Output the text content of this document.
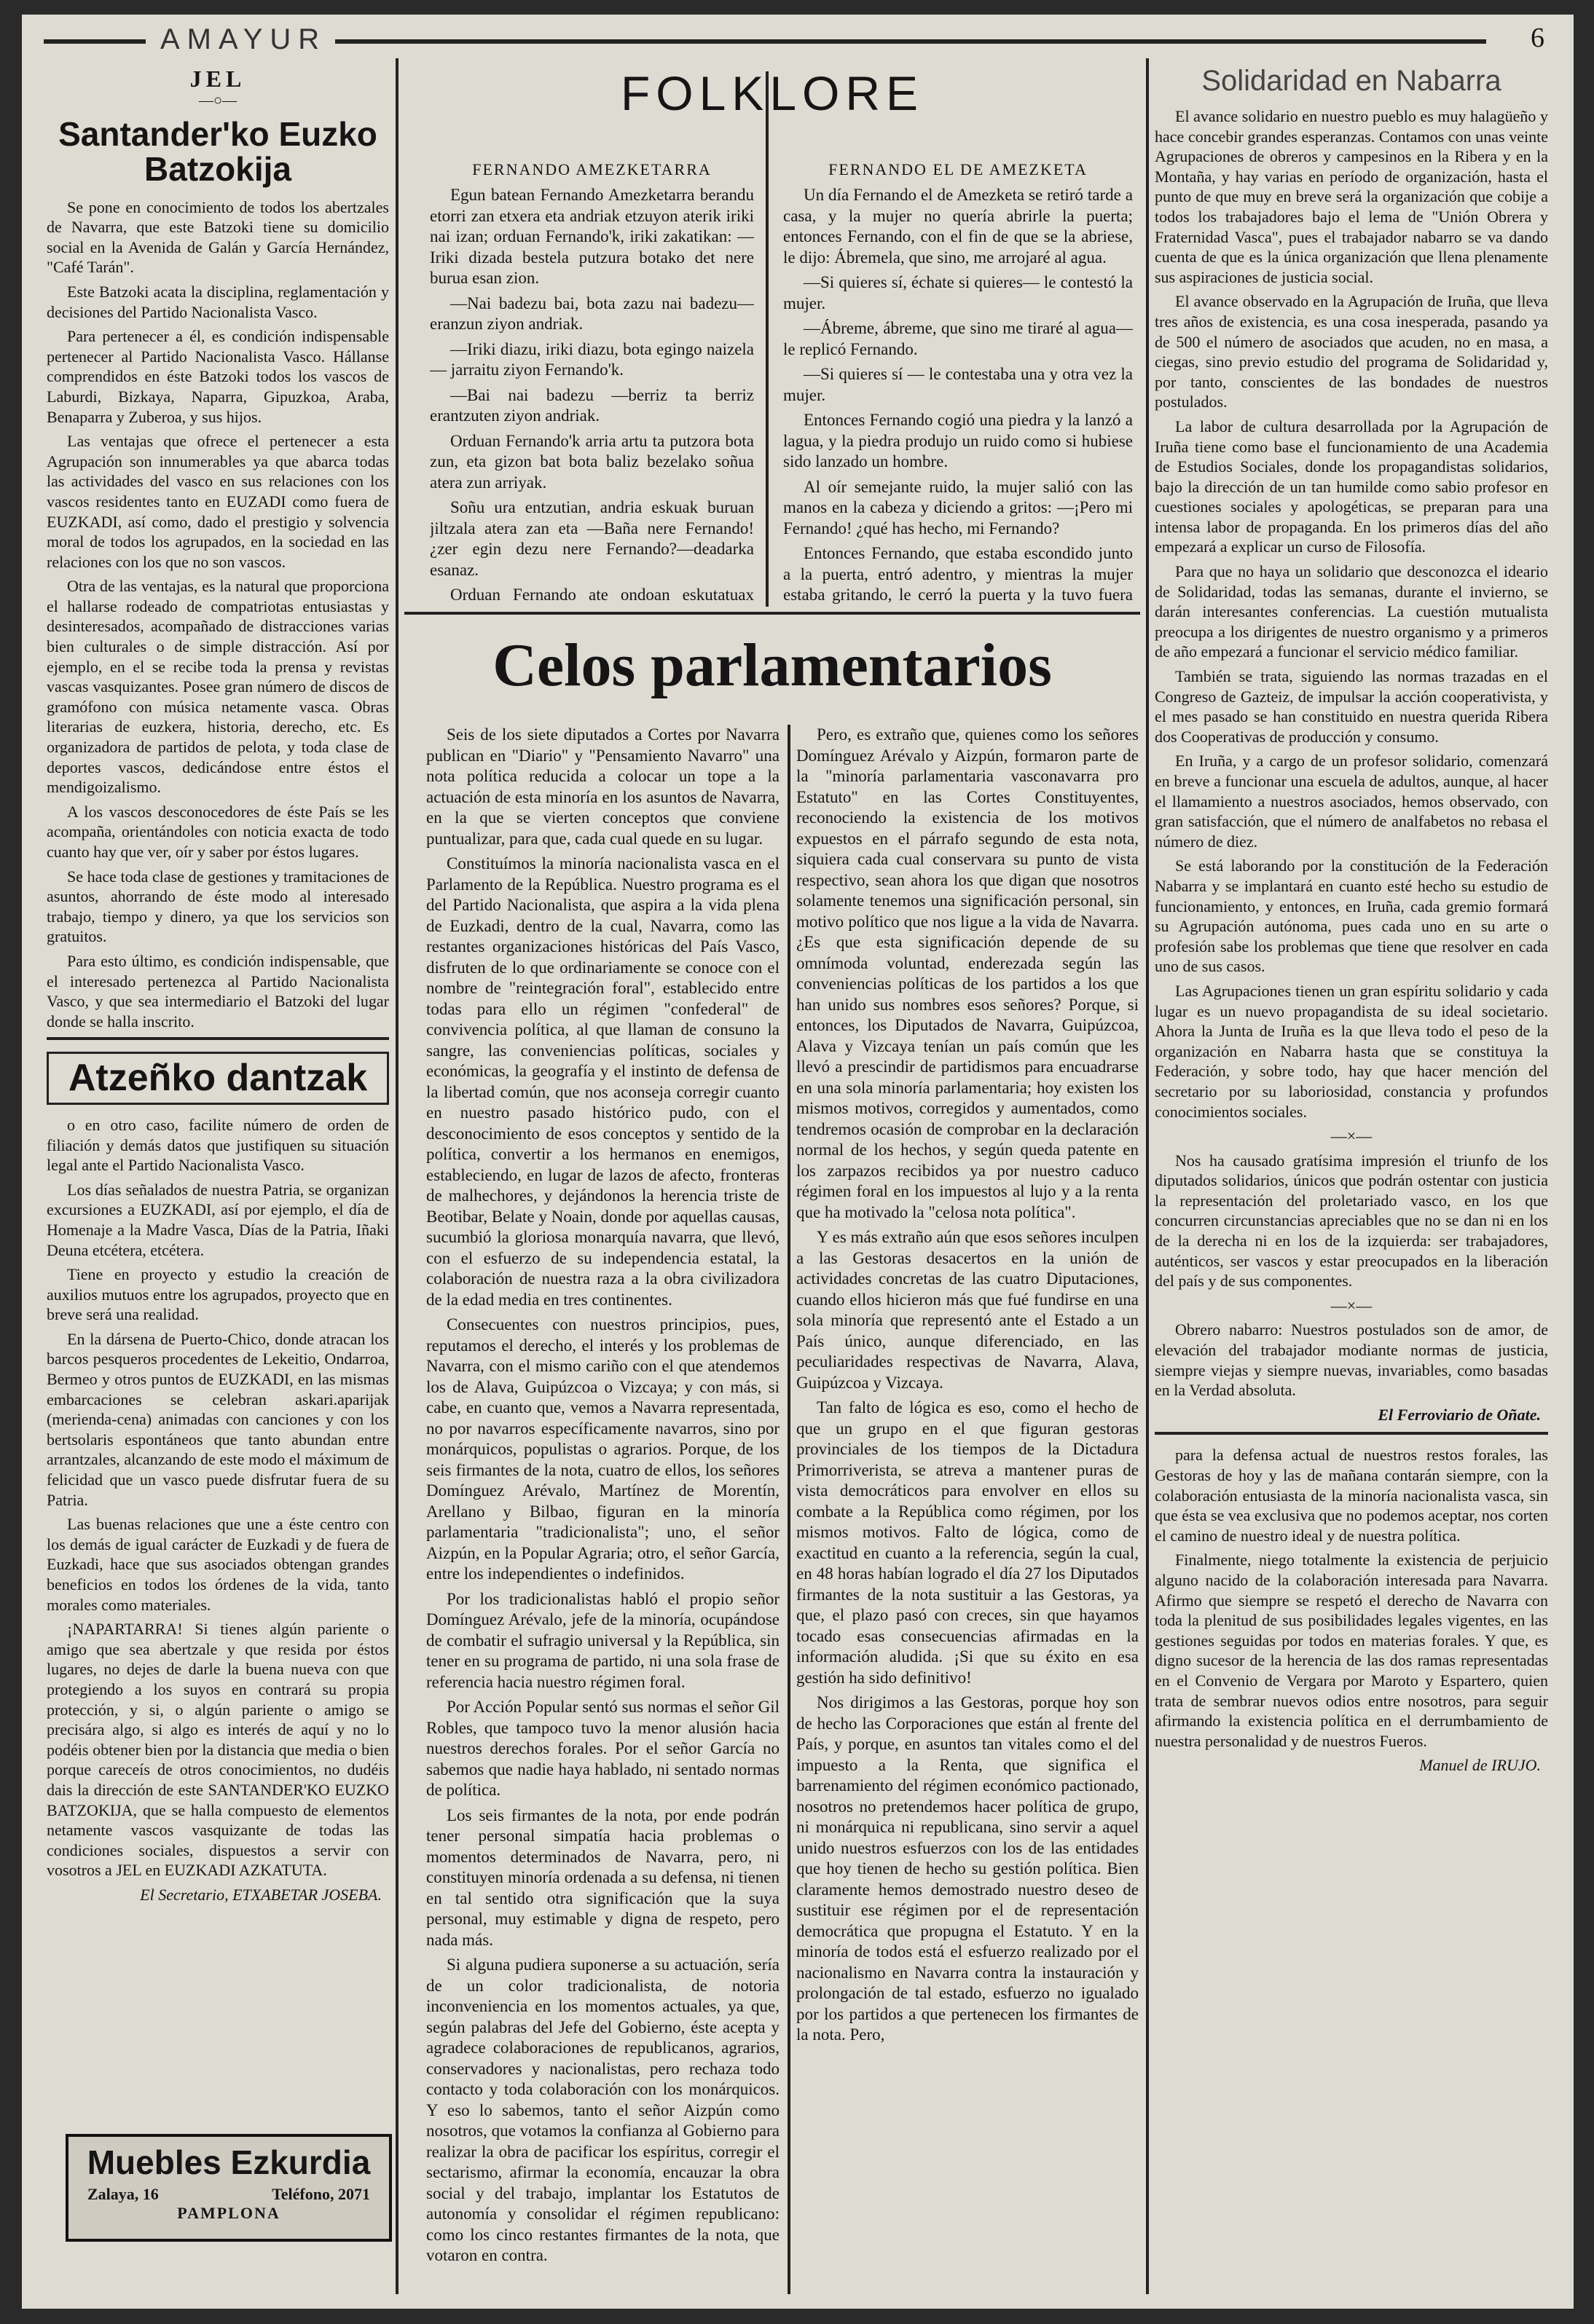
AMAYUR	6
JEL
—○—
Santander'ko Euzko Batzokija

Se pone en conocimiento de todos los abertzales de Navarra, que este Batzoki tiene su domicilio social en la Avenida de Galán y García Hernández, "Café Tarán".

Este Batzoki acata la disciplina, reglamentación y decisiones del Partido Nacionalista Vasco.

Para pertenecer a él, es condición indispensable pertenecer al Partido Nacionalista Vasco. Hállanse comprendidos en éste Batzoki todos los vascos de Laburdi, Bizkaya, Naparra, Gipuzkoa, Araba, Benaparra y Zuberoa, y sus hijos.

Las ventajas que ofrece el pertenecer a esta Agrupación son innumerables ya que abarca todas las actividades del vasco en sus relaciones con los vascos residentes tanto en EUZADI como fuera de EUZKADI, así como, dado el prestigio y solvencia moral de todos los agrupados, en la sociedad en las relaciones con los que no son vascos.

Otra de las ventajas, es la natural que proporciona el hallarse rodeado de compatriotas entusiastas y desinteresados, acompañado de distracciones varias bien culturales o de simple distracción. Así por ejemplo, en el se recibe toda la prensa y revistas vascas vasquizantes. Posee gran número de discos de gramófono con música netamente vasca. Obras literarias de euzkera, historia, derecho, etc. Es organizadora de partidos de pelota, y toda clase de deportes vascos, dedicándose entre éstos el mendigoizalismo.

A los vascos desconocedores de éste País se les acompaña, orientándoles con noticia exacta de todo cuanto hay que ver, oír y saber por éstos lugares.

Se hace toda clase de gestiones y tramitaciones de asuntos, ahorrando de éste modo al interesado trabajo, tiempo y dinero, ya que los servicios son gratuitos.

Para esto último, es condición indispensable, que el interesado pertenezca al Partido Nacionalista Vasco, y que sea intermediario el Batzoki del lugar donde se halla inscrito.

Atzeñko dantzak

o en otro caso, facilite número de orden de filiación y demás datos que justifiquen su situación legal ante el Partido Nacionalista Vasco.

Los días señalados de nuestra Patria, se organizan excursiones a EUZKADI, así por ejemplo, el día de Homenaje a la Madre Vasca, Días de la Patria, Iñaki Deuna etcétera, etcétera.

Tiene en proyecto y estudio la creación de auxilios mutuos entre los agrupados, proyecto que en breve será una realidad.

En la dársena de Puerto-Chico, donde atracan los barcos pesqueros procedentes de Lekeitio, Ondarroa, Bermeo y otros puntos de EUZKADI, en las mismas embarcaciones se celebran askari.aparijak (merienda-cena) animadas con canciones y con los bertsolaris espontáneos que tanto abundan entre arrantzales, alcanzando de este modo el máximum de felicidad que un vasco puede disfrutar fuera de su Patria.

Las buenas relaciones que une a éste centro con los demás de igual carácter de Euzkadi y de fuera de Euzkadi, hace que sus asociados obtengan grandes beneficios en todos los órdenes de la vida, tanto morales como materiales.

¡NAPARTARRA! Si tienes algún pariente o amigo que sea abertzale y que resida por éstos lugares, no dejes de darle la buena nueva con que protegiendo a los suyos en contrará su propia protección, y si, o algún pariente o amigo se precisára algo, si algo es interés de aquí y no lo podéis obtener bien por la distancia que media o bien porque careceís de otros conocimientos, no dudéis dais la dirección de este SANTANDER'KO EUZKO BATZOKIJA, que se halla compuesto de elementos netamente vascos vasquizante de todas las condiciones sociales, dispuestos a servir con vosotros a JEL en EUZKADI AZKATUTA.

El Secretario, ETXABETAR JOSEBA.

Muebles Ezkurdia
Zalaya, 16	Teléfono, 2071
PAMPLONA
FOLKLORE
FERNANDO AMEZKETARRA

Egun batean Fernando Amezketarra berandu etorri zan etxera eta andriak etzuyon aterik iriki nai izan; orduan Fernando'k, iriki zakatikan: —Iriki dizada bestela putzura botako det nere burua esan zion.

—Nai badezu bai, bota zazu nai badezu—eranzun ziyon andriak.

—Iriki diazu, iriki diazu, bota egingo naizela— jarraitu ziyon Fernando'k.

—Bai nai badezu —berriz ta berriz erantzuten ziyon andriak.

Orduan Fernando'k arria artu ta putzora bota zun, eta gizon bat bota baliz bezelako soñua atera zun arriyak.

Soñu ura entzutian, andria eskuak buruan jiltzala atera zan eta —Baña nere Fernando! ¿zer egin dezu nere Fernando?—deadarka esanaz.

Orduan Fernando ate ondoan eskutatuax

FERNANDO EL DE AMEZKETA

Un día Fernando el de Amezketa se retiró tarde a casa, y la mujer no quería abrirle la puerta; entonces Fernando, con el fin de que se la abriese, le dijo: Ábremela, que sino, me arrojaré al agua.

—Si quieres sí, échate si quieres— le contestó la mujer.

—Ábreme, ábreme, que sino me tiraré al agua— le replicó Fernando.

—Si quieres sí — le contestaba una y otra vez la mujer.

Entonces Fernando cogió una piedra y la lanzó a lagua, y la piedra produjo un ruido como si hubiese sido lanzado un hombre.

Al oír semejante ruido, la mujer salió con las manos en la cabeza y diciendo a gritos: —¡Pero mi Fernando! ¿qué has hecho, mi Fernando?

Entonces Fernando, que estaba escondido junto a la puerta, entró adentro, y mientras la mujer estaba gritando, le cerró la puerta y la tuvo fuera

Celos parlamentarios

Seis de los siete diputados a Cortes por Navarra publican en "Diario" y "Pensamiento Navarro" una nota política reducida a colocar un tope a la actuación de esta minoría en los asuntos de Navarra, en la que se vierten conceptos que conviene puntualizar, para que, cada cual quede en su lugar.

Constituímos la minoría nacionalista vasca en el Parlamento de la República. Nuestro programa es el del Partido Nacionalista, que aspira a la vida plena de Euzkadi, dentro de la cual, Navarra, como las restantes organizaciones históricas del País Vasco, disfruten de lo que ordinariamente se conoce con el nombre de "reintegración foral", establecido entre todas para ello un régimen "confederal" de convivencia política, al que llaman de consuno la sangre, las conveniencias políticas, sociales y económicas, la geografía y el instinto de defensa de la libertad común, que nos aconseja corregir cuanto en nuestro pasado histórico pudo, con el desconocimiento de esos conceptos y sentido de la política, convertir a los hermanos en enemigos, estableciendo, en lugar de lazos de afecto, fronteras de malhechores, y dejándonos la herencia triste de Beotibar, Belate y Noain, donde por aquellas causas, sucumbió la gloriosa monarquía navarra, que llevó, con el esfuerzo de su independencia estatal, la colaboración de nuestra raza a la obra civilizadora de la edad media en tres continentes.

Consecuentes con nuestros principios, pues, reputamos el derecho, el interés y los problemas de Navarra, con el mismo cariño con el que atendemos los de Alava, Guipúzcoa o Vizcaya; y con más, si cabe, en cuanto que, vemos a Navarra representada, no por navarros específicamente navarros, sino por monárquicos, populistas o agrarios. Porque, de los seis firmantes de la nota, cuatro de ellos, los señores Domínguez Arévalo, Martínez de Morentín, Arellano y Bilbao, figuran en la minoría parlamentaria "tradicionalista"; uno, el señor Aizpún, en la Popular Agraria; otro, el señor García, entre los independientes o indefinidos.

Por los tradicionalistas habló el propio señor Domínguez Arévalo, jefe de la minoría, ocupándose de combatir el sufragio universal y la República, sin tener en su programa de partido, ni una sola frase de referencia hacia nuestro régimen foral.

Por Acción Popular sentó sus normas el señor Gil Robles, que tampoco tuvo la menor alusión hacia nuestros derechos forales. Por el señor García no sabemos que nadie haya hablado, ni sentado normas de política.

Los seis firmantes de la nota, por ende podrán tener personal simpatía hacia problemas o momentos determinados de Navarra, pero, ni constituyen minoría ordenada a su defensa, ni tienen en tal sentido otra significación que la suya personal, muy estimable y digna de respeto, pero nada más.

Si alguna pudiera suponerse a su actuación, sería de un color tradicionalista, de notoria inconveniencia en los momentos actuales, ya que, según palabras del Jefe del Gobierno, éste acepta y agradece colaboraciones de republicanos, agrarios, conservadores y nacionalistas, pero rechaza todo contacto y toda colaboración con los monárquicos. Y eso lo sabemos, tanto el señor Aizpún como nosotros, que votamos la confianza al Gobierno para realizar la obra de pacificar los espíritus, corregir el sectarismo, afirmar la economía, encauzar la obra social y del trabajo, implantar los Estatutos de autonomía y consolidar el régimen republicano: como los cinco restantes firmantes de la nota, que votaron en contra.

Pero, es extraño que, quienes como los señores Domínguez Arévalo y Aizpún, formaron parte de la "minoría parlamentaria vasconavarra pro Estatuto" en las Cortes Constituyentes, reconociendo la existencia de los motivos expuestos en el párrafo segundo de esta nota, siquiera cada cual conservara su punto de vista respectivo, sean ahora los que digan que nosotros solamente tenemos una significación personal, sin motivo político que nos ligue a la vida de Navarra. ¿Es que esta significación depende de su omnímoda voluntad, enderezada según las conveniencias políticas de los partidos a los que han unido sus nombres esos señores? Porque, si entonces, los Diputados de Navarra, Guipúzcoa, Alava y Vizcaya tenían un país común que les llevó a prescindir de partidismos para encuadrarse en una sola minoría parlamentaria; hoy existen los mismos motivos, corregidos y aumentados, como tendremos ocasión de comprobar en la declaración normal de los hechos, y según queda patente en los zarpazos recibidos ya por nuestro caduco régimen foral en los impuestos al lujo y a la renta que ha motivado la "celosa nota política".

Y es más extraño aún que esos señores inculpen a las Gestoras desacertos en la unión de actividades concretas de las cuatro Diputaciones, cuando ellos hicieron más que fué fundirse en una sola minoría que representó ante el Estado a un País único, aunque diferenciado, en las peculiaridades respectivas de Navarra, Alava, Guipúzcoa y Vizcaya.

Tan falto de lógica es eso, como el hecho de que un grupo en el que figuran gestoras provinciales de los tiempos de la Dictadura Primorriverista, se atreva a mantener puras de vista democráticos para envolver en ellos su combate a la República como régimen, por los mismos motivos. Falto de lógica, como de exactitud en cuanto a la referencia, según la cual, en 48 horas habían logrado el día 27 los Diputados firmantes de la nota sustituir a las Gestoras, ya que, el plazo pasó con creces, sin que hayamos tocado esas consecuencias afirmadas en la información aludida. ¡Si que su éxito en esa gestión ha sido definitivo!

Nos dirigimos a las Gestoras, porque hoy son de hecho las Corporaciones que están al frente del País, y porque, en asuntos tan vitales como el del impuesto a la Renta, que significa el barrenamiento del régimen económico pactionado, nosotros no pretendemos hacer política de grupo, ni monárquica ni republicana, sino servir a aquel unido nuestros esfuerzos con los de las entidades que hoy tienen de hecho su gestión política. Bien claramente hemos demostrado nuestro deseo de sustituir ese régimen por el de representación democrática que propugna el Estatuto. Y en la minoría de todos está el esfuerzo realizado por el nacionalismo en Navarra contra la instauración y prolongación de tal estado, esfuerzo no igualado por los partidos a que pertenecen los firmantes de la nota. Pero,

Solidaridad en Nabarra

El avance solidario en nuestro pueblo es muy halagüeño y hace concebir grandes esperanzas. Contamos con unas veinte Agrupaciones de obreros y campesinos en la Ribera y en la Montaña, y hay varias en período de organización, hasta el punto de que muy en breve será la organización que cobije a todos los trabajadores bajo el lema de "Unión Obrera y Fraternidad Vasca", pues el trabajador nabarro se va dando cuenta de que es la única organización que llena plenamente sus aspiraciones de justicia social.

El avance observado en la Agrupación de Iruña, que lleva tres años de existencia, es una cosa inesperada, pasando ya de 500 el número de asociados que acuden, no en masa, a ciegas, sino previo estudio del programa de Solidaridad y, por tanto, conscientes de las bondades de nuestros postulados.

La labor de cultura desarrollada por la Agrupación de Iruña tiene como base el funcionamiento de una Academia de Estudios Sociales, donde los propagandistas solidarios, bajo la dirección de un tan humilde como sabio profesor en cuestiones sociales y apologéticas, se preparan para una intensa labor de propaganda. En los primeros días del año empezará a explicar un curso de Filosofía.

Para que no haya un solidario que desconozca el ideario de Solidaridad, todas las semanas, durante el invierno, se darán interesantes conferencias. La cuestión mutualista preocupa a los dirigentes de nuestro organismo y a primeros de año empezará a funcionar el servicio médico familiar.

También se trata, siguiendo las normas trazadas en el Congreso de Gazteiz, de impulsar la acción cooperativista, y el mes pasado se han constituido en nuestra querida Ribera dos Cooperativas de producción y consumo.

En Iruña, y a cargo de un profesor solidario, comenzará en breve a funcionar una escuela de adultos, aunque, al hacer el llamamiento a nuestros asociados, hemos observado, con gran satisfacción, que el número de analfabetos no rebasa el número de diez.

Se está laborando por la constitución de la Federación Nabarra y se implantará en cuanto esté hecho su estudio de funcionamiento, y entonces, en Iruña, cada gremio formará su Agrupación autónoma, pues cada uno en su arte o profesión sabe los problemas que tiene que resolver en cada uno de sus casos.

Las Agrupaciones tienen un gran espíritu solidario y cada lugar es un nuevo propagandista de su ideal societario. Ahora la Junta de Iruña es la que lleva todo el peso de la organización en Nabarra hasta que se constituya la Federación, y sobre todo, hay que hacer mención del secretario por su laboriosidad, constancia y profundos conocimientos sociales.

—×—

Nos ha causado gratísima impresión el triunfo de los diputados solidarios, únicos que podrán ostentar con justicia la representación del proletariado vasco, en los que concurren circunstancias apreciables que no se dan ni en los de la derecha ni en los de la izquierda: ser trabajadores, auténticos, ser vascos y estar preocupados en la liberación del país y de sus componentes.

—×—

Obrero nabarro: Nuestros postulados son de amor, de elevación del trabajador modiante normas de justicia, siempre viejas y siempre nuevas, invariables, como basadas en la Verdad absoluta.

El Ferroviario de Oñate.

para la defensa actual de nuestros restos forales, las Gestoras de hoy y las de mañana contarán siempre, con la colaboración entusiasta de la minoría nacionalista vasca, sin que ésta se vea exclusiva que no podemos aceptar, nos corten el camino de nuestro ideal y de nuestra política.

Finalmente, niego totalmente la existencia de perjuicio alguno nacido de la colaboración interesada para Navarra. Afirmo que siempre se respetó el derecho de Navarra con toda la plenitud de sus posibilidades legales vigentes, en las gestiones seguidas por todos en materias forales. Y que, es digno sucesor de la herencia de las dos ramas representadas en el Convenio de Vergara por Maroto y Espartero, quien trata de sembrar nuevos odios entre nosotros, para seguir afirmando la existencia política en el derrumbamiento de nuestra personalidad y de nuestros Fueros.

Manuel de IRUJO.
